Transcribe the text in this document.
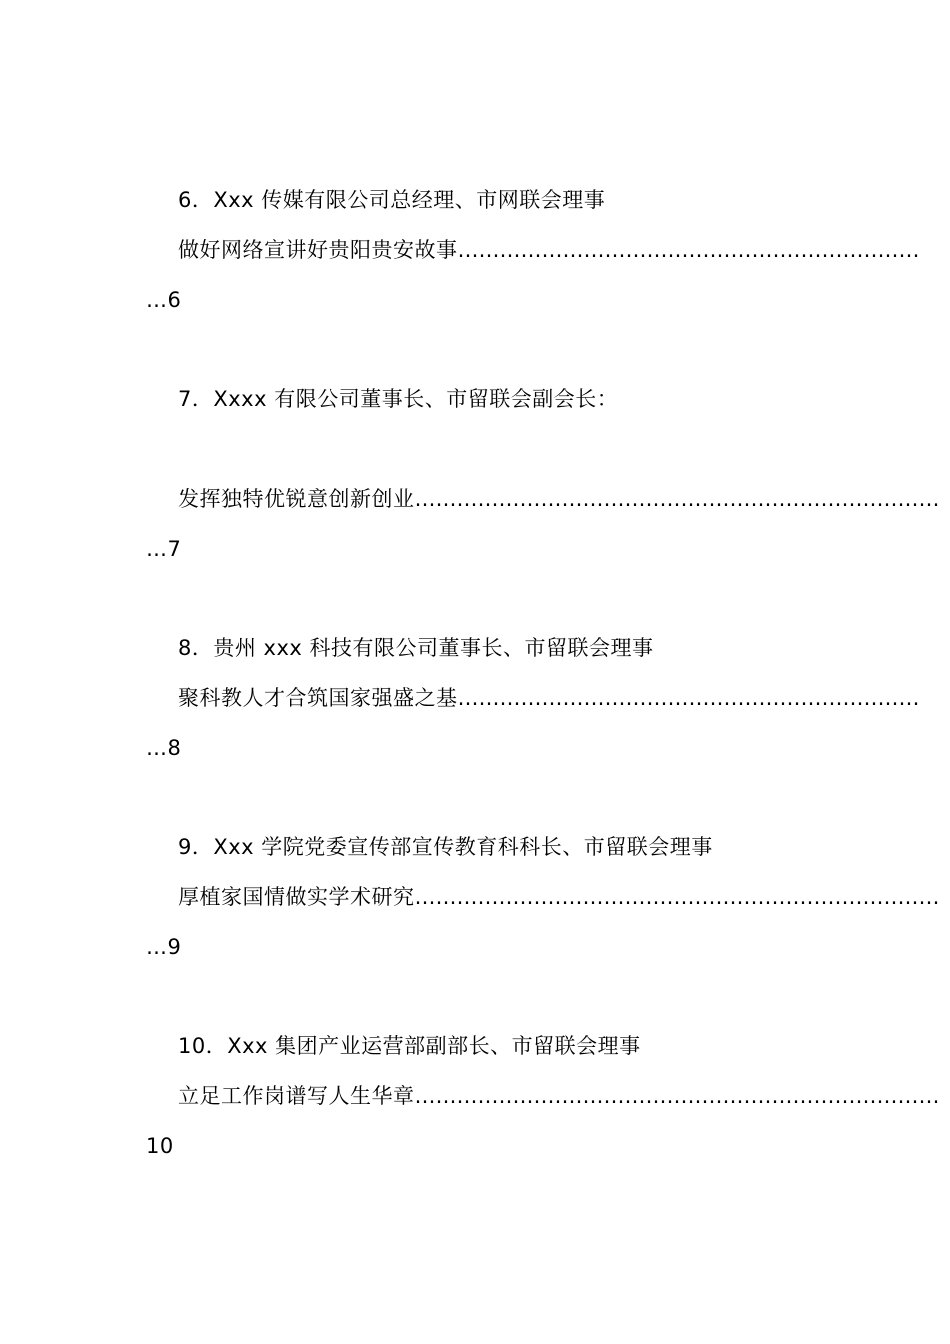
6．Xxx 传媒有限公司总经理、市网联会理事
做好网络宣讲好贵阳贵安故事…………………………………………………………
…6
7．Xxxx 有限公司董事长、市留联会副会长：
发挥独特优锐意创新创业…………………………………………………………………
…7
8．贵州 xxx 科技有限公司董事长、市留联会理事
聚科教人才合筑国家强盛之基…………………………………………………………
…8
9．Xxx 学院党委宣传部宣传教育科科长、市留联会理事
厚植家国情做实学术研究…………………………………………………………………
…9
10．Xxx 集团产业运营部副部长、市留联会理事
立足工作岗谱写人生华章…………………………………………………………………
10
